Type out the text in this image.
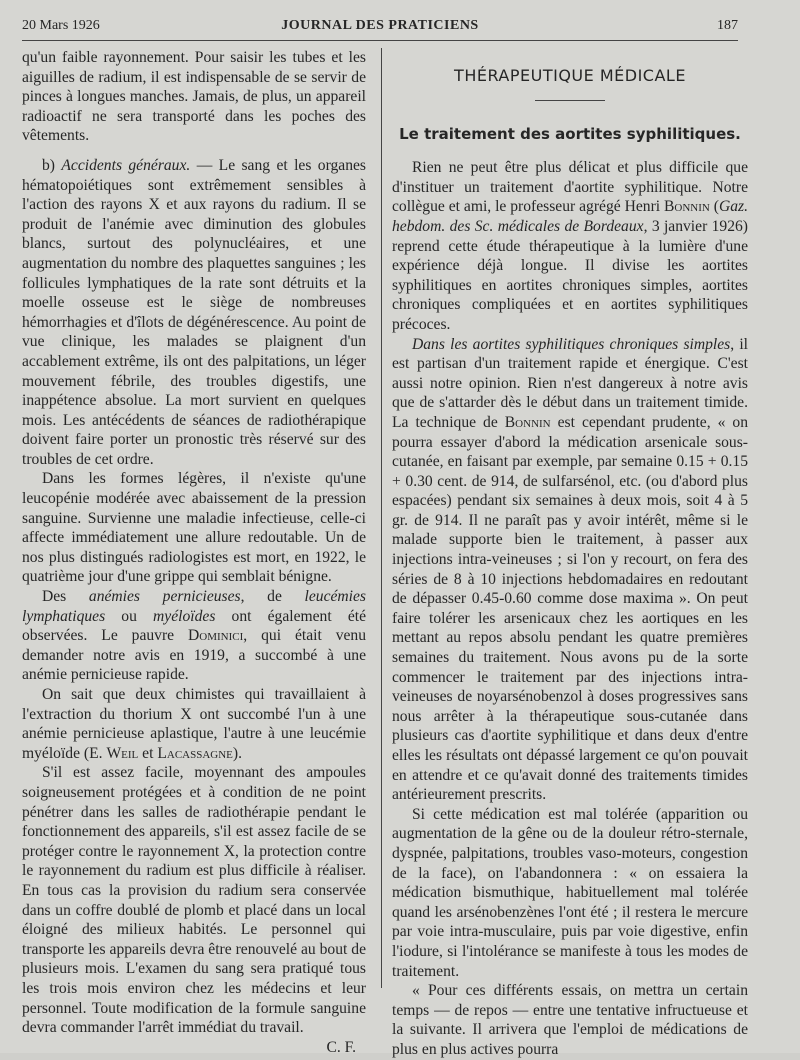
20 Mars 1926	JOURNAL DES PRATICIENS	187

qu'un faible rayonnement. Pour saisir les tubes et les aiguilles de radium, il est indispensable de se servir de pinces à longues manches. Jamais, de plus, un appareil radioactif ne sera transporté dans les poches des vêtements.

b) Accidents généraux. — Le sang et les organes hématopoiétiques sont extrêmement sensibles à l'action des rayons X et aux rayons du radium. Il se produit de l'anémie avec diminution des globules blancs, surtout des polynucléaires, et une augmentation du nombre des plaquettes sanguines ; les follicules lymphatiques de la rate sont détruits et la moelle osseuse est le siège de nombreuses hémorrhagies et d'îlots de dégénérescence. Au point de vue clinique, les malades se plaignent d'un accablement extrême, ils ont des palpitations, un léger mouvement fébrile, des troubles digestifs, une inappétence absolue. La mort survient en quelques mois. Les antécédents de séances de radiothérapique doivent faire porter un pronostic très réservé sur des troubles de cet ordre.

Dans les formes légères, il n'existe qu'une leucopénie modérée avec abaissement de la pression sanguine. Survienne une maladie infectieuse, celle-ci affecte immédiatement une allure redoutable. Un de nos plus distingués radiologistes est mort, en 1922, le quatrième jour d'une grippe qui semblait bénigne.

Des anémies pernicieuses, de leucémies lymphatiques ou myéloïdes ont également été observées. Le pauvre Dominici, qui était venu demander notre avis en 1919, a succombé à une anémie pernicieuse rapide.

On sait que deux chimistes qui travaillaient à l'extraction du thorium X ont succombé l'un à une anémie pernicieuse aplastique, l'autre à une leucémie myéloïde (E. Weil et Lacassagne).

S'il est assez facile, moyennant des ampoules soigneusement protégées et à condition de ne point pénétrer dans les salles de radiothérapie pendant le fonctionnement des appareils, s'il est assez facile de se protéger contre le rayonnement X, la protection contre le rayonnement du radium est plus difficile à réaliser. En tous cas la provision du radium sera conservée dans un coffre doublé de plomb et placé dans un local éloigné des milieux habités. Le personnel qui transporte les appareils devra être renouvelé au bout de plusieurs mois. L'examen du sang sera pratiqué tous les trois mois environ chez les médecins et leur personnel. Toute modification de la formule sanguine devra commander l'arrêt immédiat du travail.

C. F.

THÉRAPEUTIQUE MÉDICALE
Le traitement des aortites syphilitiques.

Rien ne peut être plus délicat et plus difficile que d'instituer un traitement d'aortite syphilitique. Notre collègue et ami, le professeur agrégé Henri Bonnin (Gaz. hebdom. des Sc. médicales de Bordeaux, 3 janvier 1926) reprend cette étude thérapeutique à la lumière d'une expérience déjà longue. Il divise les aortites syphilitiques en aortites chroniques simples, aortites chroniques compliquées et en aortites syphilitiques précoces.

Dans les aortites syphilitiques chroniques simples, il est partisan d'un traitement rapide et énergique. C'est aussi notre opinion. Rien n'est dangereux à notre avis que de s'attarder dès le début dans un traitement timide. La technique de Bonnin est cependant prudente, « on pourra essayer d'abord la médication arsenicale sous-cutanée, en faisant par exemple, par semaine 0.15 + 0.15 + 0.30 cent. de 914, de sulfarsénol, etc. (ou d'abord plus espacées) pendant six semaines à deux mois, soit 4 à 5 gr. de 914. Il ne paraît pas y avoir intérêt, même si le malade supporte bien le traitement, à passer aux injections intra-veineuses ; si l'on y recourt, on fera des séries de 8 à 10 injections hebdomadaires en redoutant de dépasser 0.45-0.60 comme dose maxima ». On peut faire tolérer les arsenicaux chez les aortiques en les mettant au repos absolu pendant les quatre premières semaines du traitement. Nous avons pu de la sorte commencer le traitement par des injections intra-veineuses de noyarsénobenzol à doses progressives sans nous arrêter à la thérapeutique sous-cutanée dans plusieurs cas d'aortite syphilitique et dans deux d'entre elles les résultats ont dépassé largement ce qu'on pouvait en attendre et ce qu'avait donné des traitements timides antérieurement prescrits.

Si cette médication est mal tolérée (apparition ou augmentation de la gêne ou de la douleur rétro-sternale, dyspnée, palpitations, troubles vaso-moteurs, congestion de la face), on l'abandonnera : « on essaiera la médication bismuthique, habituellement mal tolérée quand les arsénobenzènes l'ont été ; il restera le mercure par voie intra-musculaire, puis par voie digestive, enfin l'iodure, si l'intolérance se manifeste à tous les modes de traitement.

« Pour ces différents essais, on mettra un certain temps — de repos — entre une tentative infructueuse et la suivante. Il arrivera que l'emploi de médications de plus en plus actives pourra
